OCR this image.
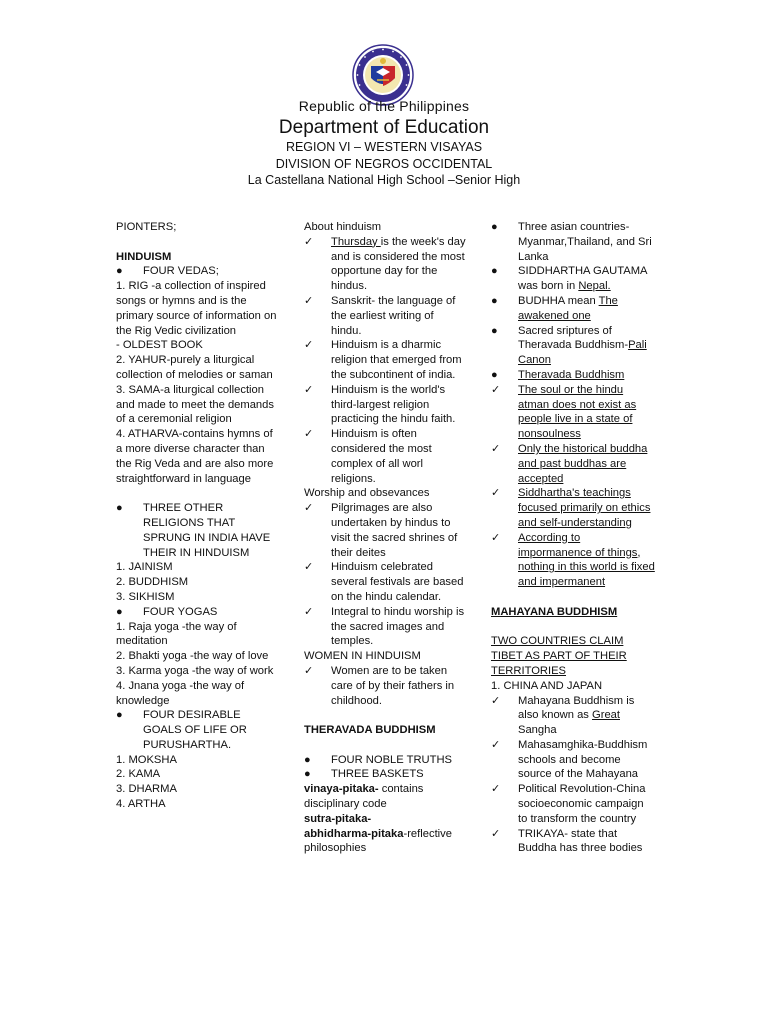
Republic of the Philippines
Department of Education
REGION VI – WESTERN VISAYAS
DIVISION OF NEGROS OCCIDENTAL
La Castellana National High School –Senior High
PIONTERS;
HINDUISM
● FOUR VEDAS;
1. RIG -a collection of inspired songs or hymns and is the primary source of information on the Rig Vedic civilization
- OLDEST BOOK
2. YAHUR-purely a liturgical collection of melodies or saman
3. SAMA-a liturgical collection and made to meet the demands of a ceremonial religion
4. ATHARVA-contains hymns of a more diverse character than the Rig Veda and are also more straightforward in language
● THREE OTHER RELIGIONS THAT SPRUNG IN INDIA HAVE THEIR IN HINDUISM
1. JAINISM
2. BUDDHISM
3. SIKHISM
● FOUR YOGAS
1. Raja yoga -the way of meditation
2. Bhakti yoga -the way of love
3. Karma yoga -the way of work
4. Jnana yoga -the way of knowledge
● FOUR DESIRABLE GOALS OF LIFE OR PURUSHARTHA.
1. MOKSHA
2. KAMA
3. DHARMA
4. ARTHA
About hinduism
✓ Thursday is the week's day and is considered the most opportune day for the hindus.
✓ Sanskrit- the language of the earliest writing of hindu.
✓ Hinduism is a dharmic religion that emerged from the subcontinent of india.
✓ Hinduism is the world's third-largest religion practicing the hindu faith.
✓ Hinduism is often considered the most complex of all worl religions.
Worship and obsevances
✓ Pilgrimages are also undertaken by hindus to visit the sacred shrines of their deites
✓ Hinduism celebrated several festivals are based on the hindu calendar.
✓ Integral to hindu worship is the sacred images and temples.
WOMEN IN HINDUISM
✓ Women are to be taken care of by their fathers in childhood.
THERAVADA BUDDHISM
● FOUR NOBLE TRUTHS
● THREE BASKETS
vinaya-pitaka- contains disciplinary code
sutra-pitaka-
abhidharma-pitaka-reflective philosophies
● Three asian countries- Myanmar,Thailand, and Sri Lanka
● SIDDHARTHA GAUTAMA was born in Nepal.
● BUDHHA mean The awakened one
● Sacred sriptures of Theravada Buddhism-Pali Canon
● Theravada Buddhism
✓ The soul or the hindu atman does not exist as people live in a state of nonsoulness
✓ Only the historical buddha and past buddhas are accepted
✓ Siddhartha's teachings focused primarily on ethics and self-understanding
✓ According to impormanence of things, nothing in this world is fixed and impermanent
MAHAYANA BUDDHISM
TWO COUNTRIES CLAIM TIBET AS PART OF THEIR TERRITORIES
1. CHINA AND JAPAN
✓ Mahayana Buddhism is also known as Great Sangha
✓ Mahasamghika-Buddhism schools and become source of the Mahayana
✓ Political Revolution-China socioeconomic campaign to transform the country
✓ TRIKAYA- state that Buddha has three bodies
